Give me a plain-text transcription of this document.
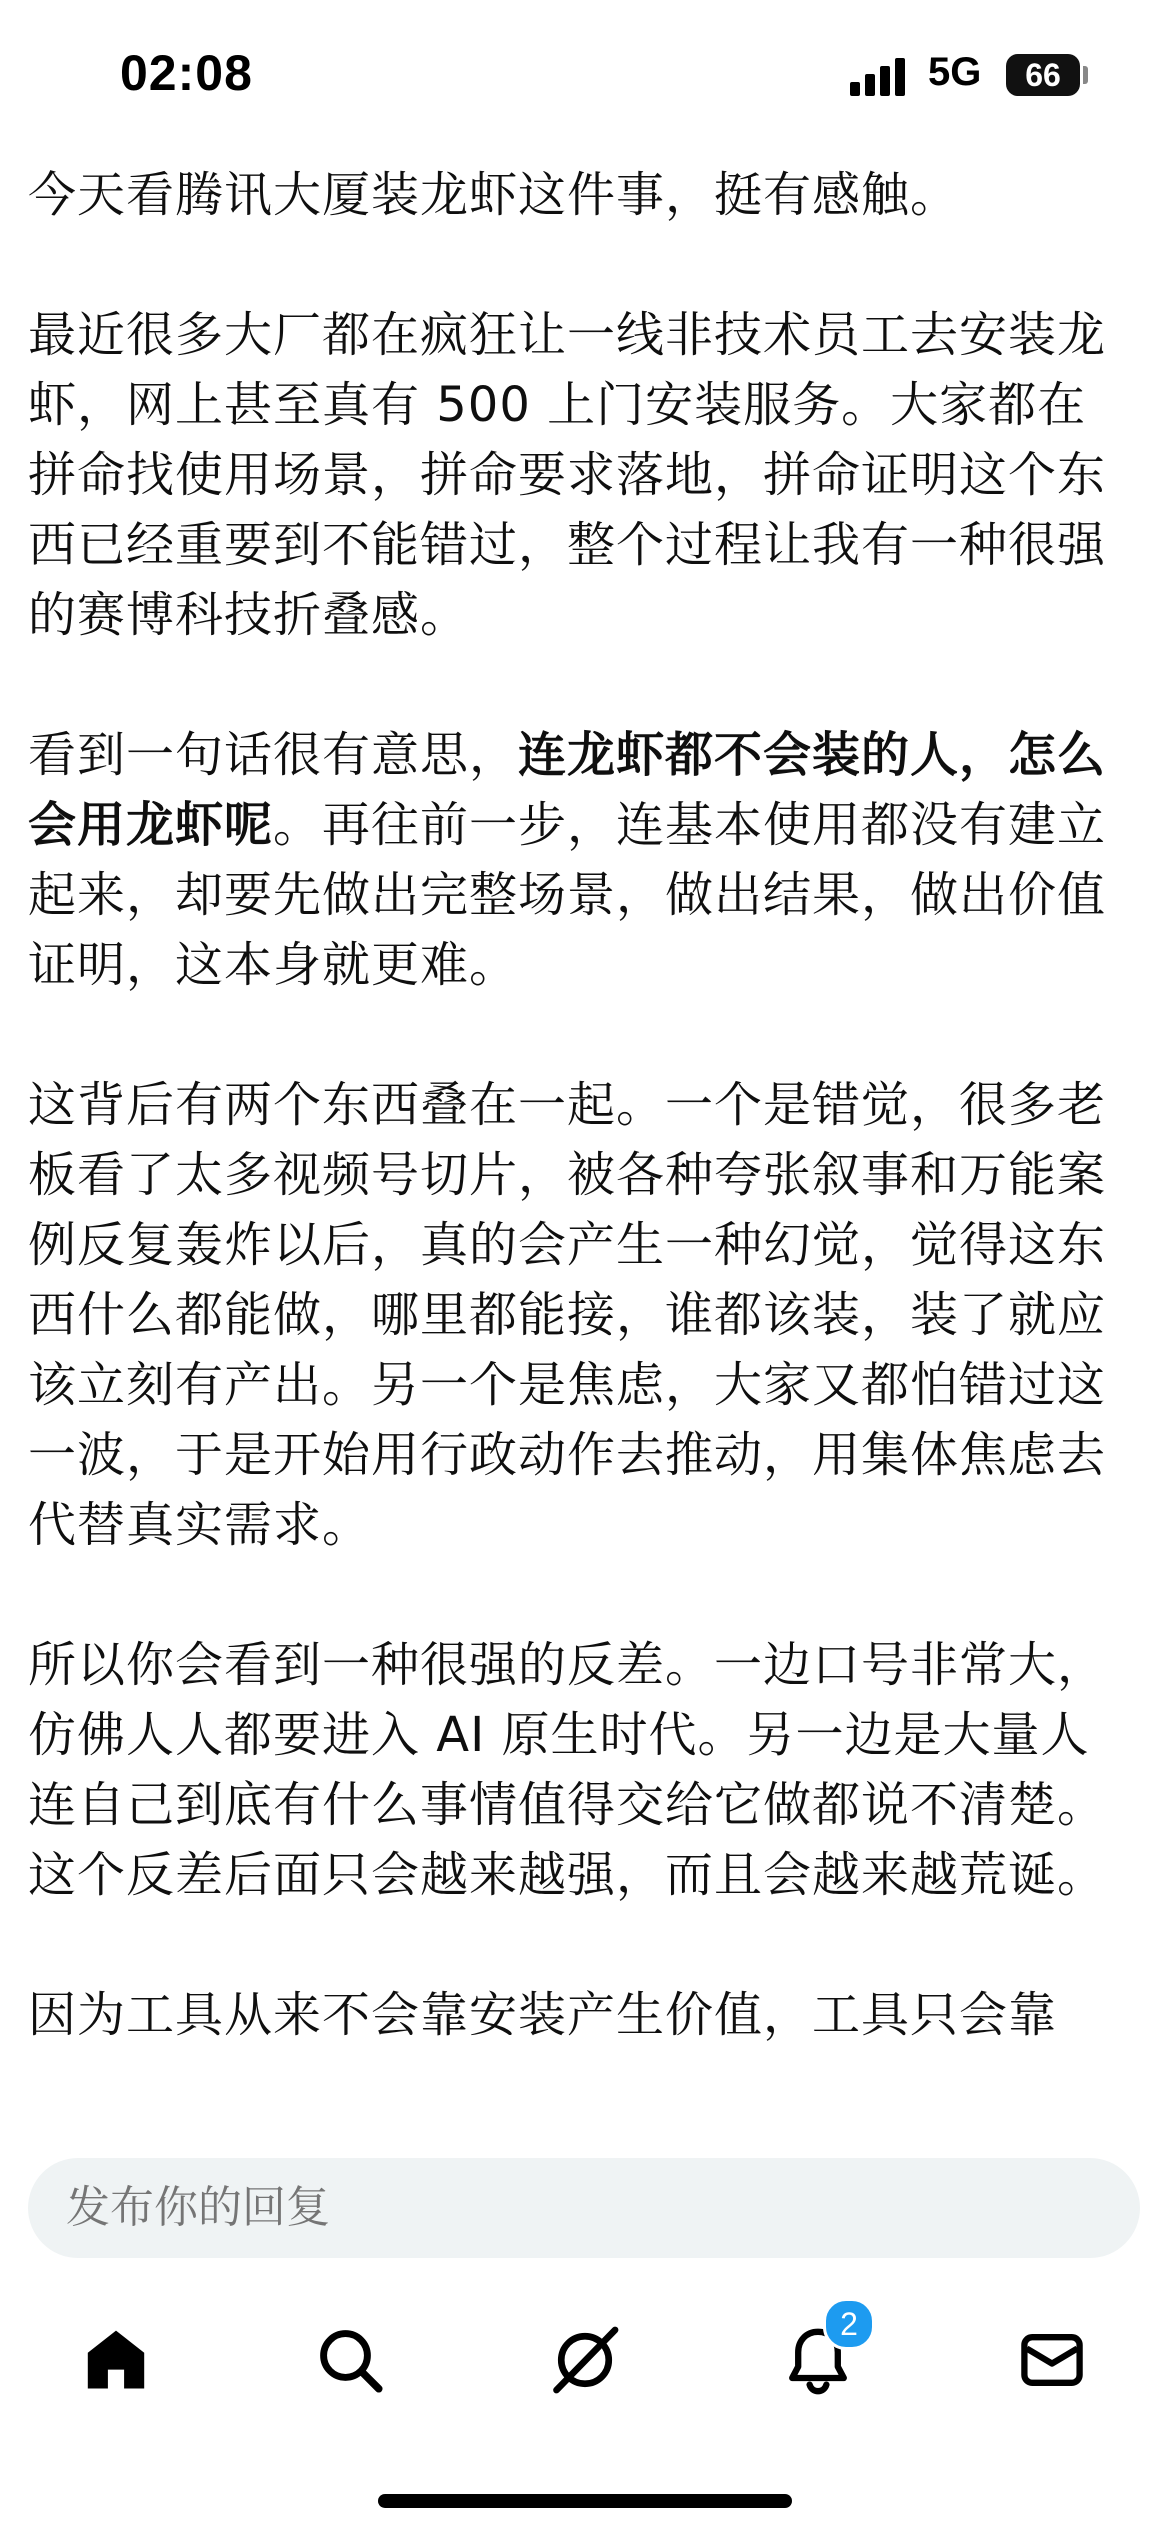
02:08	5G	66

今天看腾讯大厦装龙虾这件事，挺有感触。

最近很多大厂都在疯狂让一线非技术员工去安装龙虾，网上甚至真有 500 上门安装服务。大家都在拼命找使用场景，拼命要求落地，拼命证明这个东西已经重要到不能错过，整个过程让我有一种很强的赛博科技折叠感。

看到一句话很有意思，连龙虾都不会装的人，怎么会用龙虾呢。再往前一步，连基本使用都没有建立起来，却要先做出完整场景，做出结果，做出价值证明，这本身就更难。

这背后有两个东西叠在一起。一个是错觉，很多老板看了太多视频号切片，被各种夸张叙事和万能案例反复轰炸以后，真的会产生一种幻觉，觉得这东西什么都能做，哪里都能接，谁都该装，装了就应该立刻有产出。另一个是焦虑，大家又都怕错过这一波，于是开始用行政动作去推动，用集体焦虑去代替真实需求。

所以你会看到一种很强的反差。一边口号非常大，仿佛人人都要进入 AI 原生时代。另一边是大量人连自己到底有什么事情值得交给它做都说不清楚。这个反差后面只会越来越强，而且会越来越荒诞。

因为工具从来不会靠安装产生价值，工具只会靠

发布你的回复
2
